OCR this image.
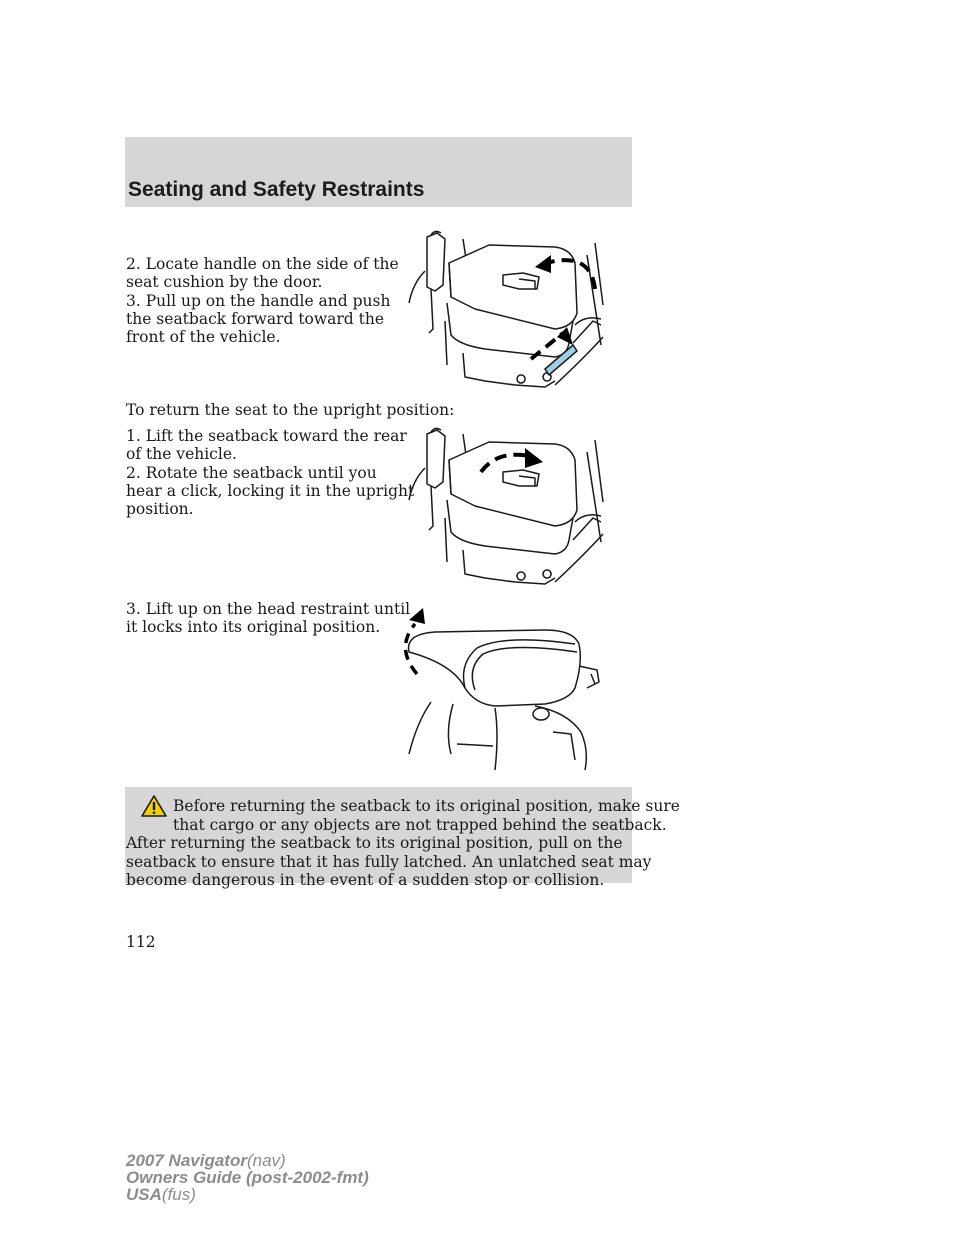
Seating and Safety Restraints

2. Locate handle on the side of the
seat cushion by the door.

3. Pull up on the handle and push
the seatback forward toward the
front of the vehicle.

To return the seat to the upright position:

1. Lift the seatback toward the rear
of the vehicle.

2. Rotate the seatback until you
hear a click, locking it in the upright
position.

3. Lift up on the head restraint until
it locks into its original position.

Before returning the seatback to its original position, make sure
that cargo or any objects are not trapped behind the seatback.
After returning the seatback to its original position, pull on the
seatback to ensure that it has fully latched. An unlatched seat may
become dangerous in the event of a sudden stop or collision.

112
2007 Navigator(nav)
Owners Guide (post-2002-fmt)
USA(fus)
